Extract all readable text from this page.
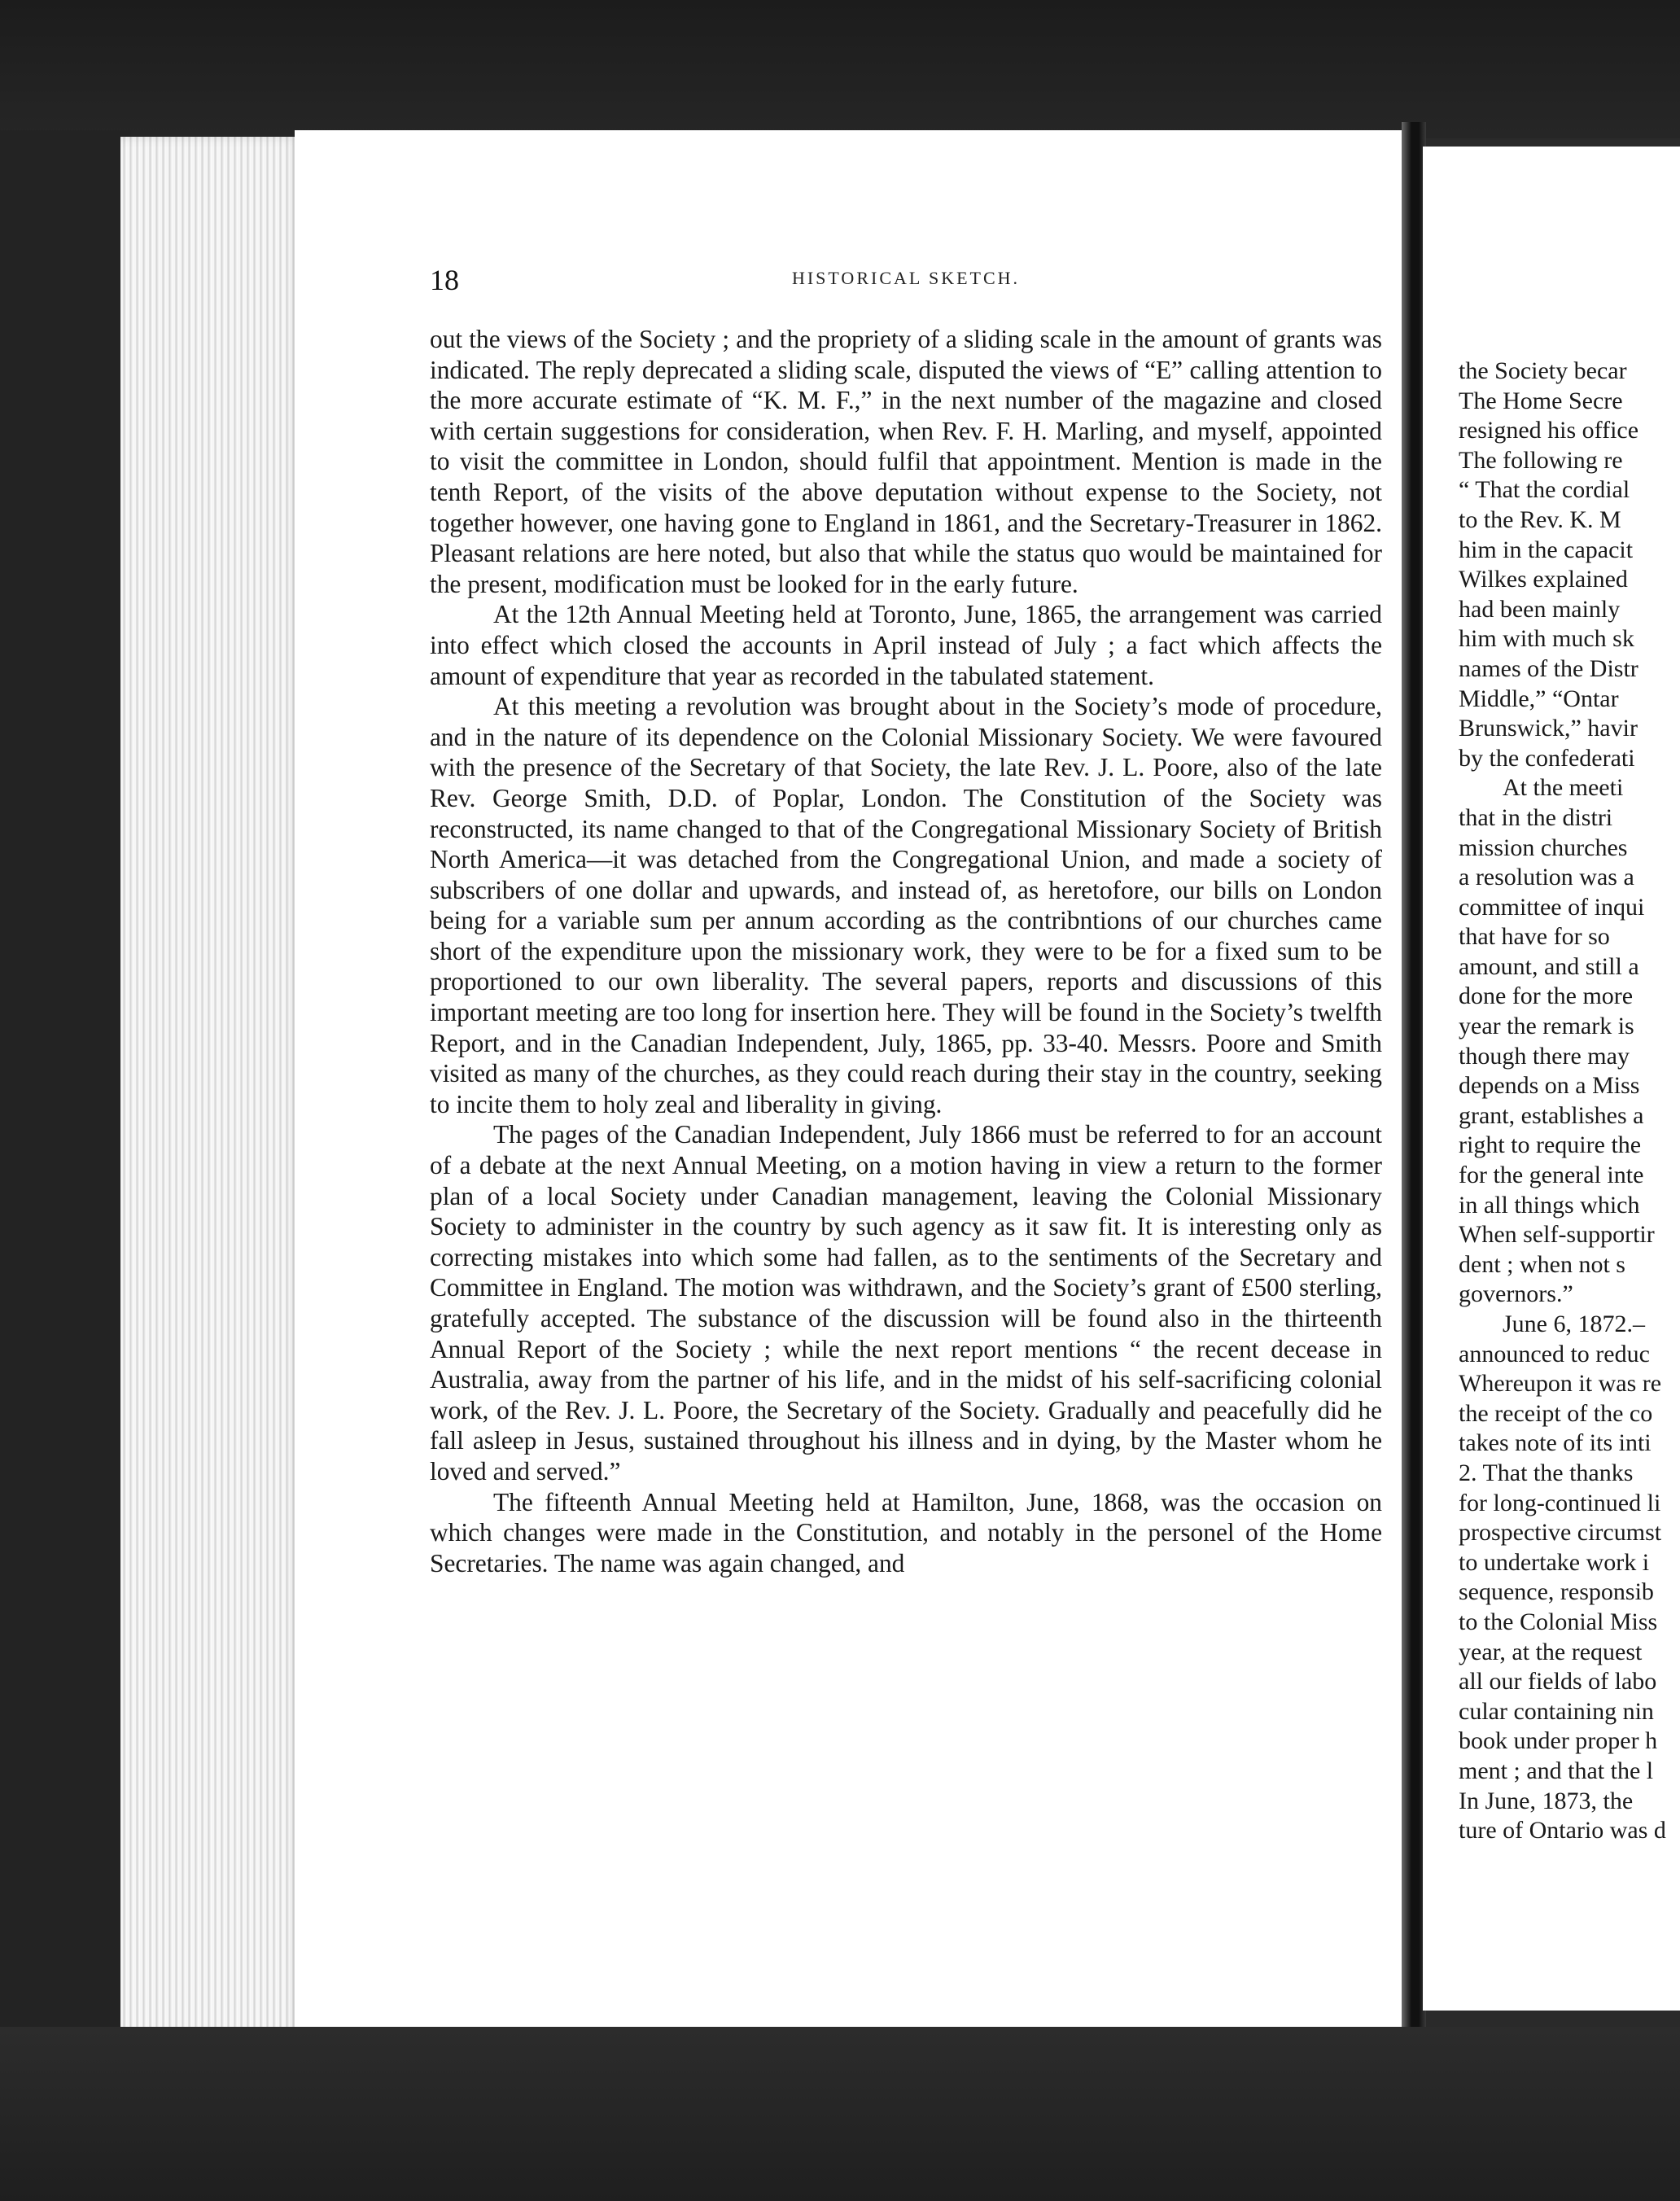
18	HISTORICAL SKETCH.

out the views of the Society ; and the propriety of a sliding scale in the amount of grants was indicated. The reply deprecated a sliding scale, disputed the views of “E” calling attention to the more accurate estimate of “K. M. F.,” in the next number of the magazine and closed with certain suggestions for consideration, when Rev. F. H. Marling, and myself, appointed to visit the committee in London, should fulfil that appointment. Mention is made in the tenth Report, of the visits of the above deputation without expense to the Society, not together however, one having gone to England in 1861, and the Secretary-Treasurer in 1862. Pleasant relations are here noted, but also that while the status quo would be maintained for the present, modification must be looked for in the early future.

At the 12th Annual Meeting held at Toronto, June, 1865, the arrangement was carried into effect which closed the accounts in April instead of July ; a fact which affects the amount of expenditure that year as recorded in the tabulated statement.

At this meeting a revolution was brought about in the Society’s mode of procedure, and in the nature of its dependence on the Colonial Missionary Society. We were favoured with the presence of the Secretary of that Society, the late Rev. J. L. Poore, also of the late Rev. George Smith, D.D. of Poplar, London. The Constitution of the Society was reconstructed, its name changed to that of the Congregational Missionary Society of British North America—it was detached from the Congregational Union, and made a society of subscribers of one dollar and upwards, and instead of, as heretofore, our bills on London being for a variable sum per annum according as the contribntions of our churches came short of the expenditure upon the missionary work, they were to be for a fixed sum to be proportioned to our own liberality. The several papers, reports and discussions of this important meeting are too long for insertion here. They will be found in the Society’s twelfth Report, and in the Canadian Independent, July, 1865, pp. 33-40. Messrs. Poore and Smith visited as many of the churches, as they could reach during their stay in the country, seeking to incite them to holy zeal and liberality in giving.

The pages of the Canadian Independent, July 1866 must be referred to for an account of a debate at the next Annual Meeting, on a motion having in view a return to the former plan of a local Society under Canadian management, leaving the Colonial Missionary Society to administer in the country by such agency as it saw fit. It is interesting only as correcting mistakes into which some had fallen, as to the sentiments of the Secretary and Committee in England. The motion was withdrawn, and the Society’s grant of £500 sterling, gratefully accepted. The substance of the discussion will be found also in the thirteenth Annual Report of the Society ; while the next report mentions “ the recent decease in Australia, away from the partner of his life, and in the midst of his self-sacrificing colonial work, of the Rev. J. L. Poore, the Secretary of the Society. Gradually and peacefully did he fall asleep in Jesus, sustained throughout his illness and in dying, by the Master whom he loved and served.”

The fifteenth Annual Meeting held at Hamilton, June, 1868, was the occasion on which changes were made in the Constitution, and notably in the personel of the Home Secretaries. The name was again changed, and

the Society becar
The Home Secre
resigned his office
The following re
“ That the cordial
to the Rev. K. M
him in the capacit
Wilkes explained
had been mainly
him with much sk
names of the Distr
Middle,” “Ontar
Brunswick,” havir
by the confederati
At the meeti
that in the distri
mission churches
a resolution was a
committee of inqui
that have for so
amount, and still a
done for the more
year the remark is
though there may
depends on a Miss
grant, establishes a
right to require the
for the general inte
in all things which
When self-supportir
dent ; when not s
governors.”
June 6, 1872.–
announced to reduc
Whereupon it was re
the receipt of the co
takes note of its inti
2. That the thanks
for long-continued li
prospective circumst
to undertake work i
sequence, responsib
to the Colonial Miss
year, at the request
all our fields of labo
cular containing nin
book under proper h
ment ; and that the l
In June, 1873, the
ture of Ontario was d
